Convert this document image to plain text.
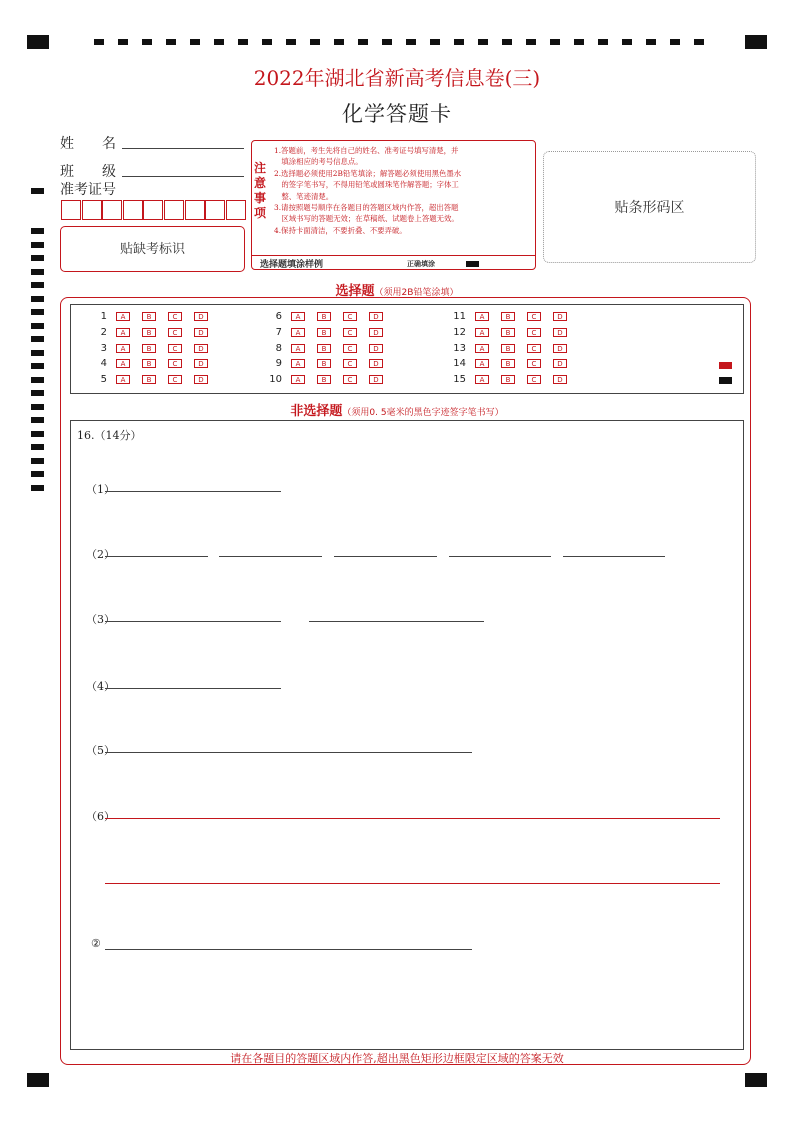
2022年湖北省新高考信息卷(三)
化学答题卡
姓　　名
班　　级
准考证号
贴缺考标识
注意事项
1.答题前，考生先将自己的姓名、准考证号填写清楚，并
　填涂相应的考号信息点。
2.选择题必须使用2B铅笔填涂；解答题必须使用黑色墨水
　的签字笔书写，不得用铅笔或圆珠笔作解答题；字体工
　整、笔迹清楚。
3.请按照题号顺序在各题目的答题区域内作答，超出答题
　区域书写的答题无效；在草稿纸、试题卷上答题无效。
4.保持卡面清洁，不要折叠、不要弄破。
选择题填涂样例	正确填涂
贴条形码区
选择题（须用2B铅笔涂填）
1	A	B	C	D
2	A	B	C	D
3	A	B	C	D
4	A	B	C	D
5	A	B	C	D
6	A	B	C	D
7	A	B	C	D
8	A	B	C	D
9	A	B	C	D
10	A	B	C	D
11	A	B	C	D
12	A	B	C	D
13	A	B	C	D
14	A	B	C	D
15	A	B	C	D
非选择题（须用0. 5毫米的黑色字迹签字笔书写）
16.（14分）
（1）
（2）
（3）
（4）
（5）
（6）
②
请在各题目的答题区域内作答,超出黑色矩形边框限定区域的答案无效
